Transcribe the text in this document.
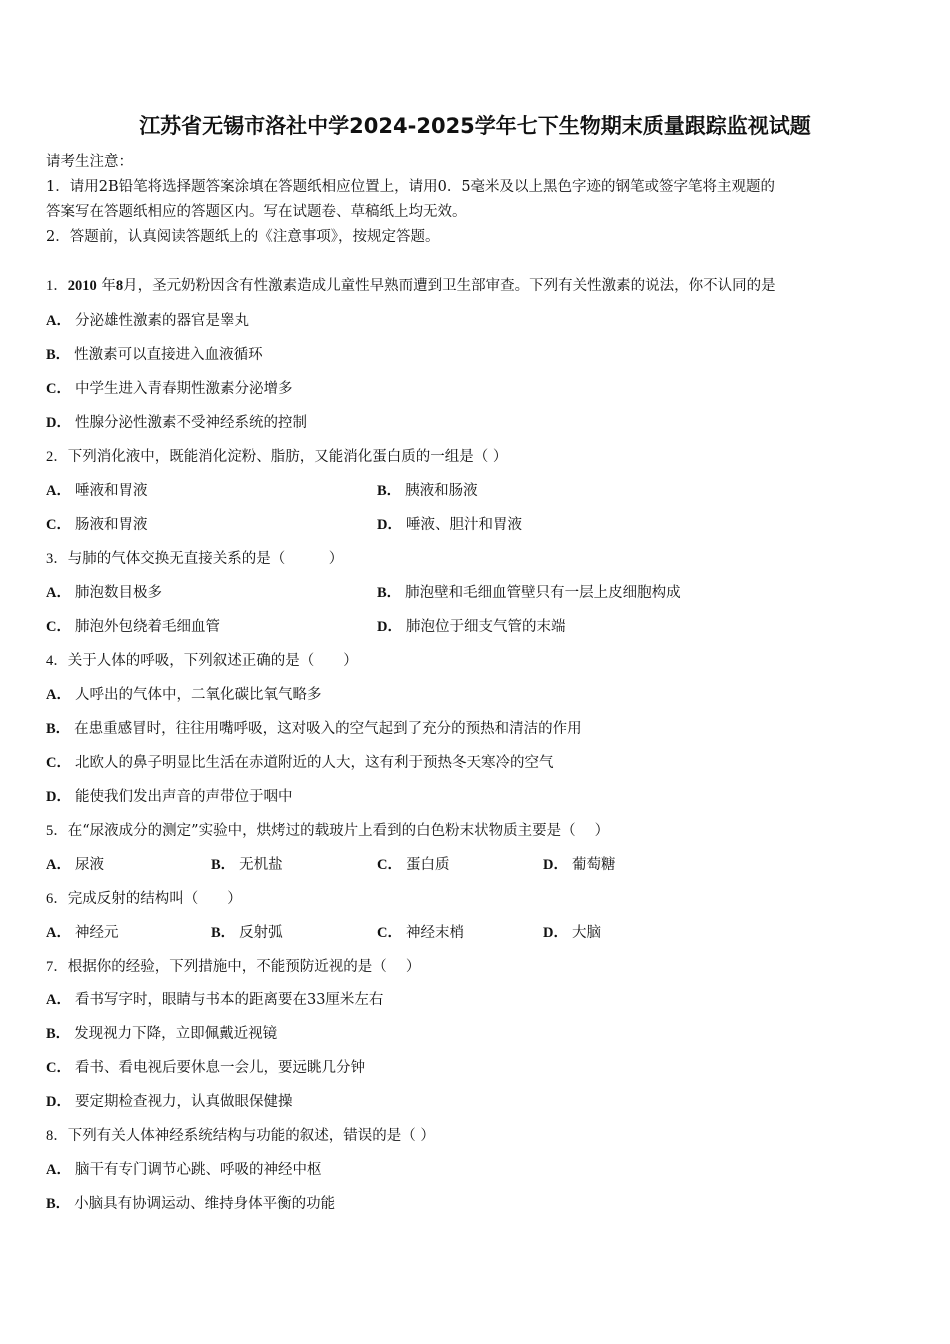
江苏省无锡市洛社中学2024-2025学年七下生物期末质量跟踪监视试题
请考生注意：
1．请用2B铅笔将选择题答案涂填在答题纸相应位置上，请用0．5毫米及以上黑色字迹的钢笔或签字笔将主观题的
答案写在答题纸相应的答题区内。写在试题卷、草稿纸上均无效。
2．答题前，认真阅读答题纸上的《注意事项》，按规定答题。
1．2010 年8月，圣元奶粉因含有性激素造成儿童性早熟而遭到卫生部审查。下列有关性激素的说法，你不认同的是
A． 分泌雄性激素的器官是睾丸
B． 性激素可以直接进入血液循环
C． 中学生进入青春期性激素分泌增多
D． 性腺分泌性激素不受神经系统的控制
2．下列消化液中，既能消化淀粉、脂肪，又能消化蛋白质的一组是（ ）
A． 唾液和胃液	B． 胰液和肠液
C． 肠液和胃液	D． 唾液、胆汁和胃液
3．与肺的气体交换无直接关系的是（　　　）
A． 肺泡数目极多	B． 肺泡壁和毛细血管壁只有一层上皮细胞构成
C． 肺泡外包绕着毛细血管	D． 肺泡位于细支气管的末端
4．关于人体的呼吸，下列叙述正确的是（　　）
A． 人呼出的气体中，二氧化碳比氧气略多
B． 在患重感冒时，往往用嘴呼吸，这对吸入的空气起到了充分的预热和清洁的作用
C． 北欧人的鼻子明显比生活在赤道附近的人大，这有利于预热冬天寒冷的空气
D． 能使我们发出声音的声带位于咽中
5．在“尿液成分的测定”实验中，烘烤过的载玻片上看到的白色粉末状物质主要是（　 ）
A． 尿液	B． 无机盐	C． 蛋白质	D． 葡萄糖
6．完成反射的结构叫（　　）
A． 神经元	B． 反射弧	C． 神经末梢	D． 大脑
7．根据你的经验，下列措施中，不能预防近视的是（　 ）
A． 看书写字时，眼睛与书本的距离要在33厘米左右
B． 发现视力下降，立即佩戴近视镜
C． 看书、看电视后要休息一会儿，要远眺几分钟
D． 要定期检查视力，认真做眼保健操
8．下列有关人体神经系统结构与功能的叙述，错误的是（ ）
A． 脑干有专门调节心跳、呼吸的神经中枢
B． 小脑具有协调运动、维持身体平衡的功能
